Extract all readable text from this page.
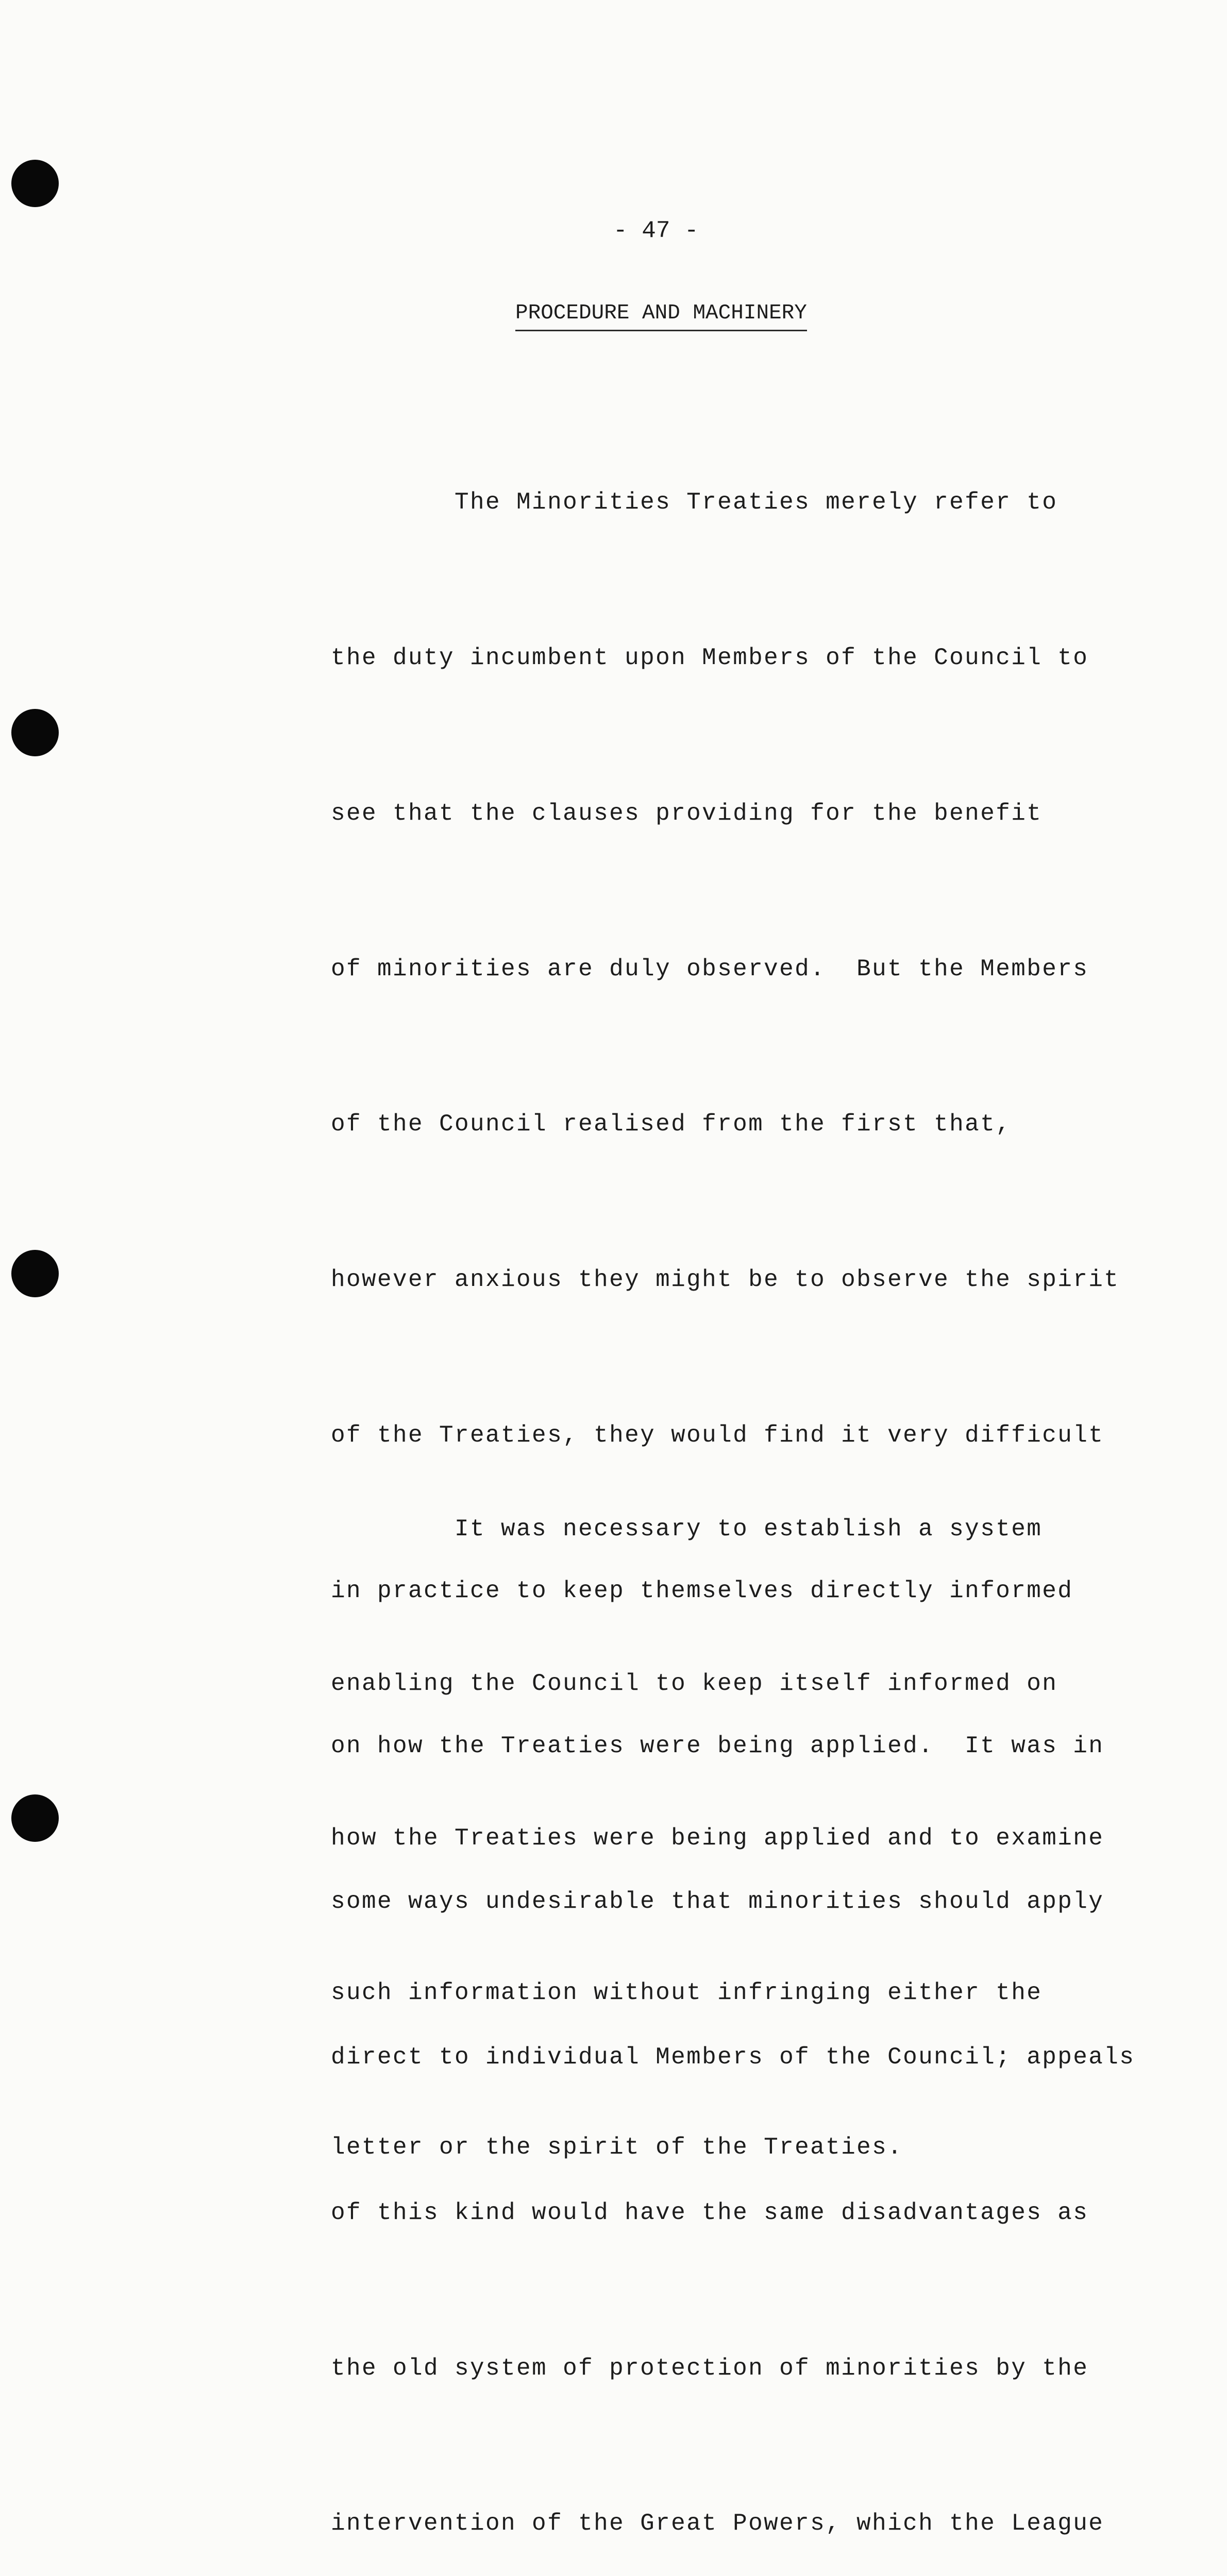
- 47 -
PROCEDURE AND MACHINERY

The Minorities Treaties merely refer to

the duty incumbent upon Members of the Council to

see that the clauses providing for the benefit

of minorities are duly observed.  But the Members

of the Council realised from the first that,

however anxious they might be to observe the spirit

of the Treaties, they would find it very difficult

in practice to keep themselves directly informed

on how the Treaties were being applied.  It was in

some ways undesirable that minorities should apply

direct to individual Members of the Council; appeals

of this kind would have the same disadvantages as

the old system of protection of minorities by the

intervention of the Great Powers, which the League

It was necessary to establish a system

enabling the Council to keep itself informed on

how the Treaties were being applied and to examine

such information without infringing either the

letter or the spirit of the Treaties.
